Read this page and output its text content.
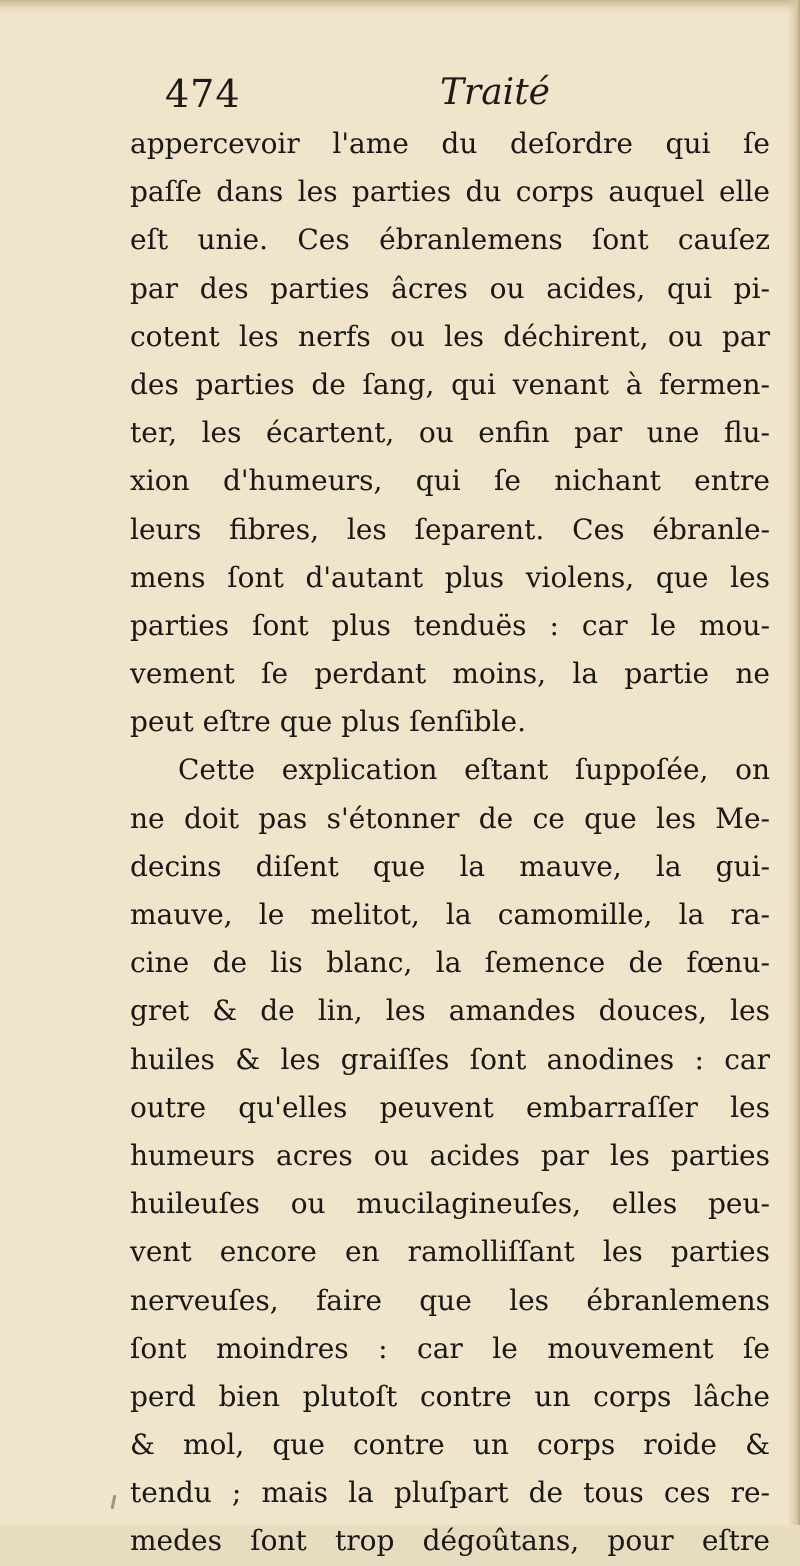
474	Traité
appercevoir l'ame du deſordre qui ſe
paſſe dans les parties du corps auquel elle
eſt unie. Ces ébranlemens ſont cauſez
par des parties âcres ou acides, qui pi-
cotent les nerfs ou les déchirent, ou par
des parties de ſang, qui venant à fermen-
ter, les écartent, ou enfin par une flu-
xion d'humeurs, qui ſe nichant entre
leurs fibres, les ſeparent. Ces ébranle-
mens ſont d'autant plus violens, que les
parties ſont plus tenduës : car le mou-
vement ſe perdant moins, la partie ne
peut eſtre que plus ſenſible.
Cette explication eſtant ſuppoſée, on
ne doit pas s'étonner de ce que les Me-
decins diſent que la mauve, la gui-
mauve, le melitot, la camomille, la ra-
cine de lis blanc, la ſemence de fœnu-
gret & de lin, les amandes douces, les
huiles & les graiſſes ſont anodines : car
outre qu'elles peuvent embarraſſer les
humeurs acres ou acides par les parties
huileuſes ou mucilagineuſes, elles peu-
vent encore en ramolliſſant les parties
nerveuſes, faire que les ébranlemens
ſont moindres : car le mouvement ſe
perd bien plutoſt contre un corps lâche
& mol, que contre un corps roide &
tendu ; mais la pluſpart de tous ces re-
medes ſont trop dégoûtans, pour eſtre
